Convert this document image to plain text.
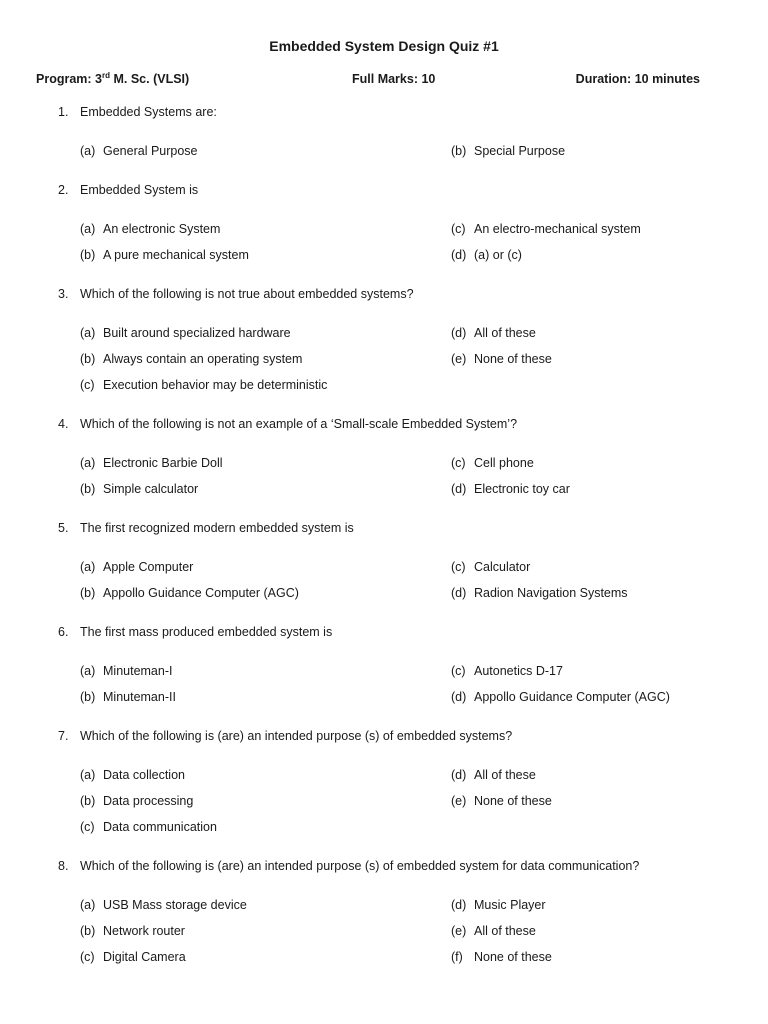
Embedded System Design Quiz #1
Program: 3rd M. Sc. (VLSI)	Full Marks: 10	Duration: 10 minutes
1. Embedded Systems are:
(a) General Purpose	(b) Special Purpose
2. Embedded System is
(a) An electronic System	(c) An electro-mechanical system
(b) A pure mechanical system	(d) (a) or (c)
3. Which of the following is not true about embedded systems?
(a) Built around specialized hardware	(d) All of these
(b) Always contain an operating system	(e) None of these
(c) Execution behavior may be deterministic
4. Which of the following is not an example of a ‘Small-scale Embedded System’?
(a) Electronic Barbie Doll	(c) Cell phone
(b) Simple calculator	(d) Electronic toy car
5. The first recognized modern embedded system is
(a) Apple Computer	(c) Calculator
(b) Appollo Guidance Computer (AGC)	(d) Radion Navigation Systems
6. The first mass produced embedded system is
(a) Minuteman-I	(c) Autonetics D-17
(b) Minuteman-II	(d) Appollo Guidance Computer (AGC)
7. Which of the following is (are) an intended purpose (s) of embedded systems?
(a) Data collection	(d) All of these
(b) Data processing	(e) None of these
(c) Data communication
8. Which of the following is (are) an intended purpose (s) of embedded system for data communication?
(a) USB Mass storage device	(d) Music Player
(b) Network router	(e) All of these
(c) Digital Camera	(f) None of these
